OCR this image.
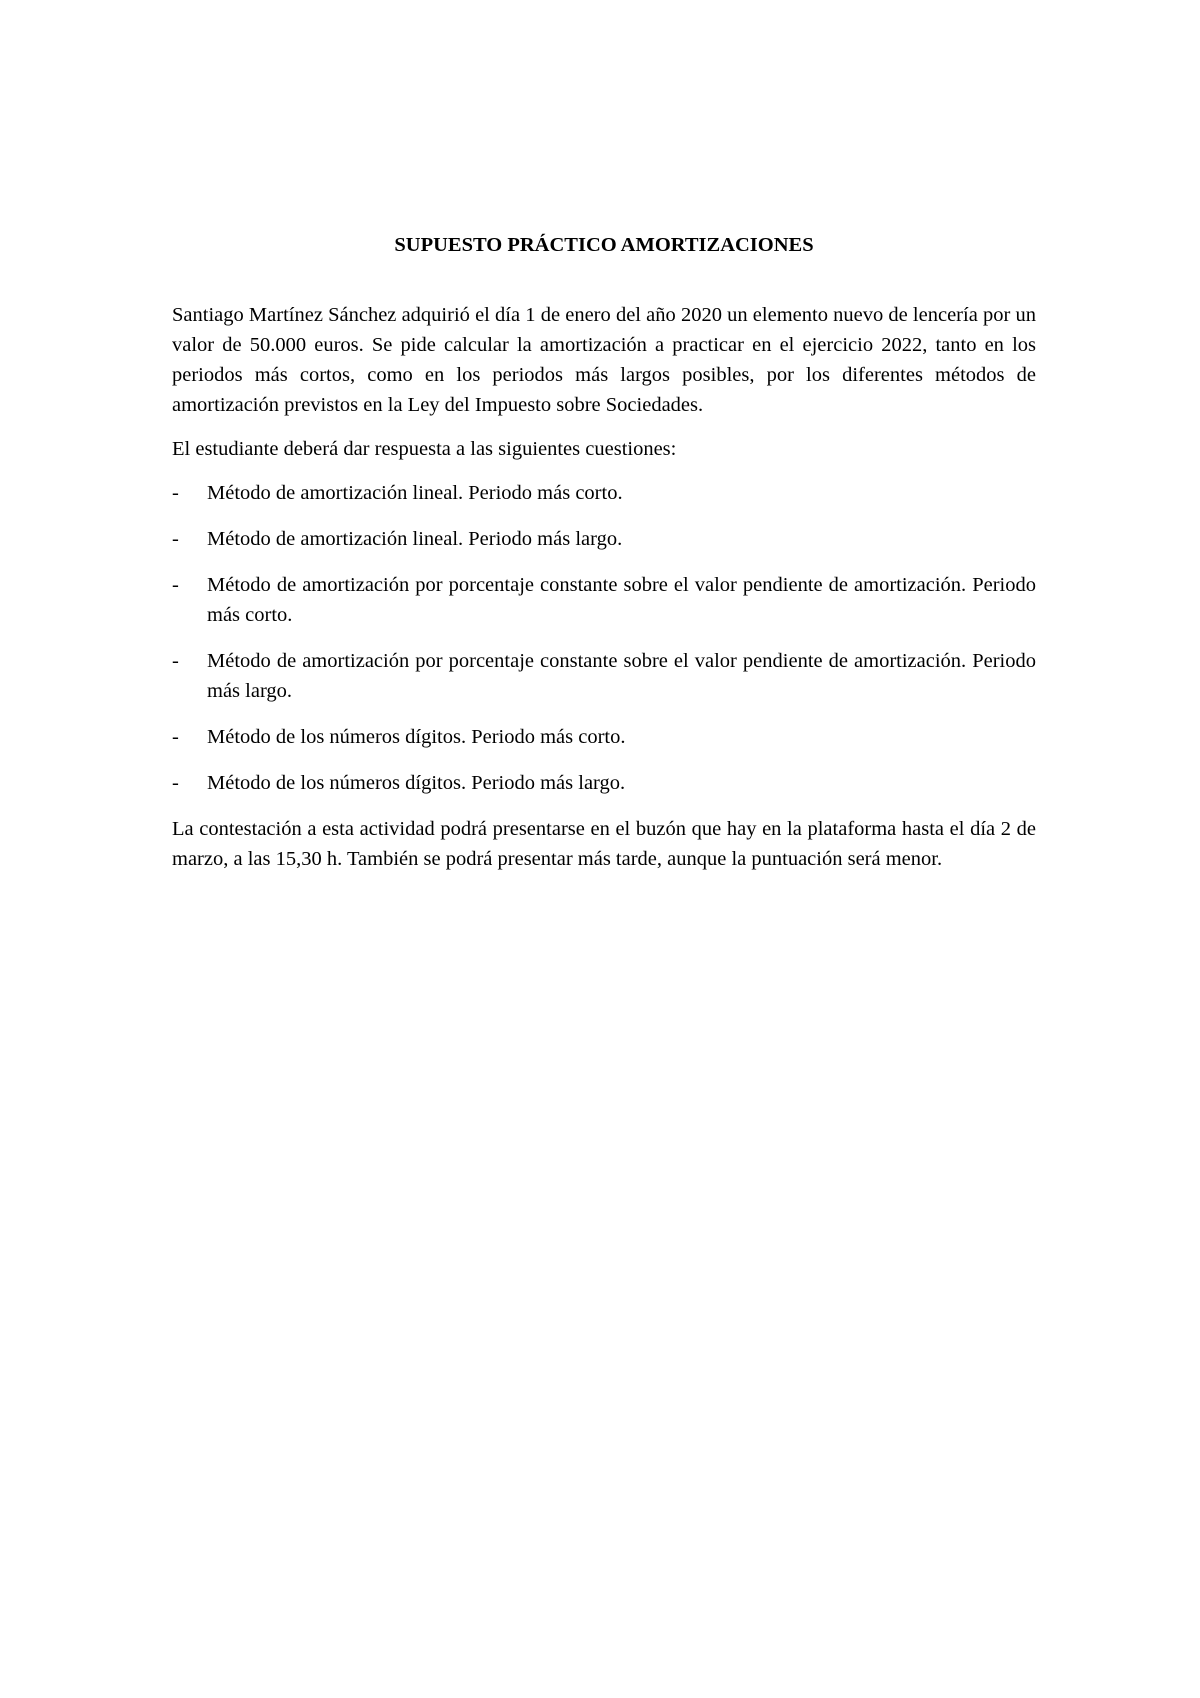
SUPUESTO PRÁCTICO AMORTIZACIONES

Santiago Martínez Sánchez adquirió el día 1 de enero del año 2020 un elemento nuevo de lencería por un valor de 50.000 euros. Se pide calcular la amortización a practicar en el ejercicio 2022, tanto en los periodos más cortos, como en los periodos más largos posibles, por los diferentes métodos de amortización previstos en la Ley del Impuesto sobre Sociedades.

El estudiante deberá dar respuesta a las siguientes cuestiones:

-	Método de amortización lineal. Periodo más corto.
-	Método de amortización lineal. Periodo más largo.
-	Método de amortización por porcentaje constante sobre el valor pendiente de amortización. Periodo más corto.
-	Método de amortización por porcentaje constante sobre el valor pendiente de amortización. Periodo más largo.
-	Método de los números dígitos. Periodo más corto.
-	Método de los números dígitos. Periodo más largo.

La contestación a esta actividad podrá presentarse en el buzón que hay en la plataforma hasta el día 2 de marzo, a las 15,30 h. También se podrá presentar más tarde, aunque la puntuación será menor.
